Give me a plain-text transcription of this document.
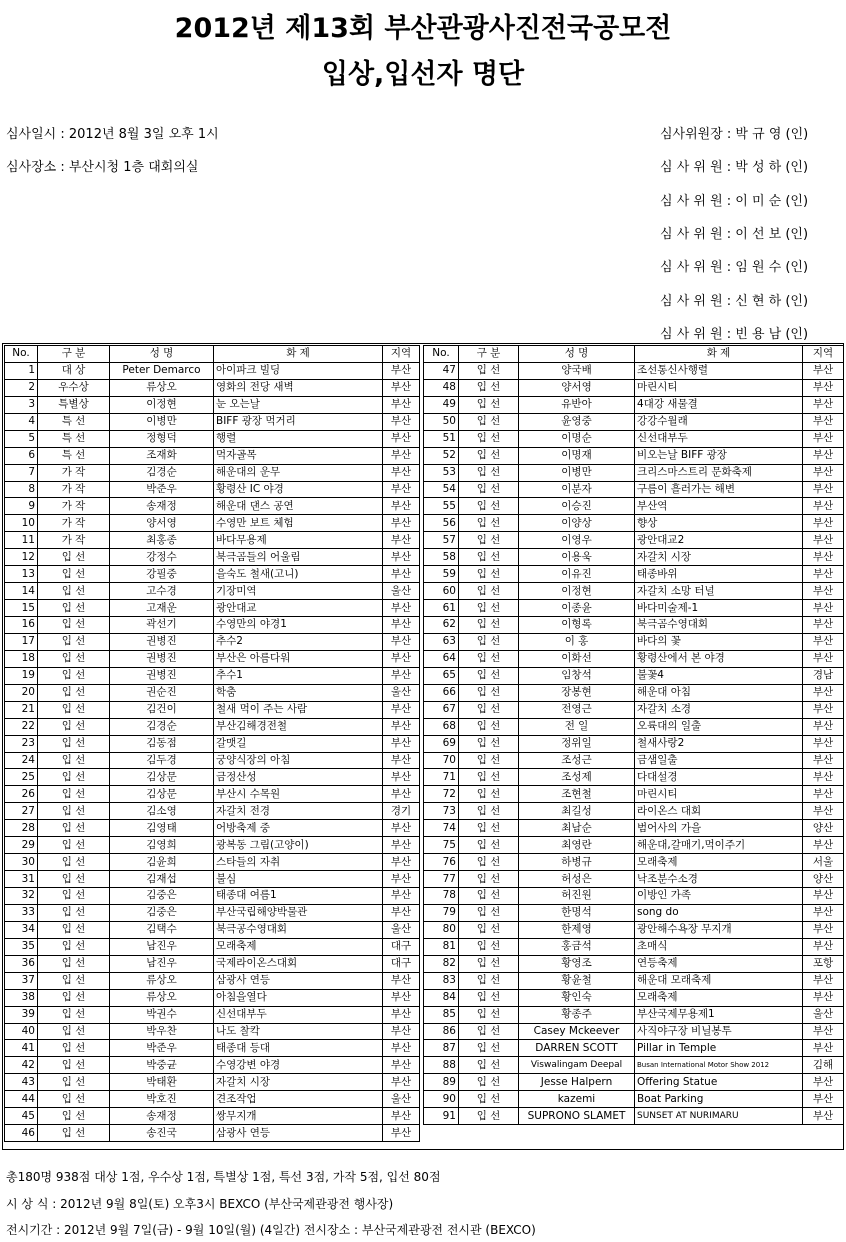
2012년 제13회 부산관광사진전국공모전
입상,입선자 명단
심사일시 : 2012년 8월 3일 오후 1시
심사장소 : 부산시청 1층 대회의실
심사위원장 : 박 규 영 (인)
심 사 위 원 : 박 성 하 (인)
심 사 위 원 : 이 미 순 (인)
심 사 위 원 : 이 선 보 (인)
심 사 위 원 : 임 원 수 (인)
심 사 위 원 : 신 현 하 (인)
심 사 위 원 : 빈 용 남 (인)
No.	구 분	성 명	화 제	지역
1	대 상	Peter Demarco	아이파크 빌딩	부산
2	우수상	류상오	영화의 전당 새벽	부산
3	특별상	이정현	눈 오는날	부산
4	특 선	이병만	BIFF 광장 먹거리	부산
5	특 선	정형덕	행렬	부산
6	특 선	조재화	먹자골목	부산
7	가 작	김경순	해운대의 운무	부산
8	가 작	박준우	황령산 IC 야경	부산
9	가 작	송재정	해운대 댄스 공연	부산
10	가 작	양서영	수영만 보트 체험	부산
11	가 작	최홍종	바다무용제	부산
12	입 선	강정수	북극곰들의 어울림	부산
13	입 선	강필중	을숙도 철새(고니)	부산
14	입 선	고수경	기장미역	울산
15	입 선	고재운	광안대교	부산
16	입 선	곽선기	수영만의 야경1	부산
17	입 선	권병진	추수2	부산
18	입 선	권병진	부산은 아름다워	부산
19	입 선	권병진	추수1	부산
20	입 선	권순진	학춤	울산
21	입 선	김건이	철새 먹이 주는 사람	부산
22	입 선	김경순	부산김해경전철	부산
23	입 선	김동점	갈맷길	부산
24	입 선	김두경	궁양식장의 아침	부산
25	입 선	김상문	금정산성	부산
26	입 선	김상문	부산시 수목원	부산
27	입 선	김소영	자갈치 전경	경기
28	입 선	김영태	어방축제 중	부산
29	입 선	김영희	광복동 그림(고양이)	부산
30	입 선	김윤희	스타들의 자취	부산
31	입 선	김재섭	불심	부산
32	입 선	김중은	태종대 여름1	부산
33	입 선	김중은	부산국립해양박물관	부산
34	입 선	김택수	북극공수영대회	울산
35	입 선	남진우	모래축제	대구
36	입 선	남진우	국제라이온스대회	대구
37	입 선	류상오	삼광사 연등	부산
38	입 선	류상오	아침을열다	부산
39	입 선	박권수	신선대부두	부산
40	입 선	박우찬	나도 찰칵	부산
41	입 선	박준우	태종대 등대	부산
42	입 선	박중균	수영강변 야경	부산
43	입 선	박태환	자갈치 시장	부산
44	입 선	박호진	견조작업	울산
45	입 선	송재정	쌍무지개	부산
46	입 선	송진국	삼광사 연등	부산
No.	구 분	성 명	화 제	지역
47	입 선	양국배	조선통신사행렬	부산
48	입 선	양서영	마린시티	부산
49	입 선	유반아	4대강 새물결	부산
50	입 선	윤영중	강강수월래	부산
51	입 선	이명순	신선대부두	부산
52	입 선	이명재	비오는날 BIFF 광장	부산
53	입 선	이병만	크리스마스트리 문화축제	부산
54	입 선	이분자	구름이 흘러가는 해변	부산
55	입 선	이승진	부산역	부산
56	입 선	이양상	향상	부산
57	입 선	이영우	광안대교2	부산
58	입 선	이용욱	자갈치 시장	부산
59	입 선	이유진	태종바위	부산
60	입 선	이정현	자갈치 소망 터널	부산
61	입 선	이종윤	바다미술제-1	부산
62	입 선	이형록	북극곰수영대회	부산
63	입 선	이 홍	바다의 꽃	부산
64	입 선	이화선	황령산에서 본 야경	부산
65	입 선	임창석	불꽃4	경남
66	입 선	장봉현	해운대 아침	부산
67	입 선	전영근	자갈치 소경	부산
68	입 선	전 일	오륙대의 일출	부산
69	입 선	정위일	철새사랑2	부산
70	입 선	조성근	금샘일출	부산
71	입 선	조성제	다대설경	부산
72	입 선	조현철	마린시티	부산
73	입 선	최길성	라이온스 대회	부산
74	입 선	최남순	범어사의 가을	양산
75	입 선	최영란	해운대,갈매기,먹이주기	부산
76	입 선	하병규	모래축제	서울
77	입 선	허성은	낙조분수소경	양산
78	입 선	허진원	이방인 가족	부산
79	입 선	한명석	song do	부산
80	입 선	한제영	광안해수욕장 무지개	부산
81	입 선	홍금석	초매식	부산
82	입 선	황영조	연등축제	포항
83	입 선	황윤철	해운대 모래축제	부산
84	입 선	황인숙	모래축제	부산
85	입 선	황종주	부산국제무용제1	울산
86	입 선	Casey Mckeever	사직야구장 비닐봉투	부산
87	입 선	DARREN SCOTT	Pillar in Temple	부산
88	입 선	Viswalingam Deepal	Busan International Motor Show 2012	김해
89	입 선	Jesse Halpern	Offering Statue	부산
90	입 선	kazemi	Boat Parking	부산
91	입 선	SUPRONO SLAMET	SUNSET AT NURIMARU	부산

총180명 938점 대상 1점, 우수상 1점, 특별상 1점, 특선 3점, 가작 5점, 입선 80점
시 상 식 : 2012년 9월 8일(토) 오후3시 BEXCO (부산국제관광전 행사장)
전시기간 : 2012년 9월 7일(금) - 9월 10일(월) (4일간) 전시장소 : 부산국제관광전 전시관 (BEXCO)
